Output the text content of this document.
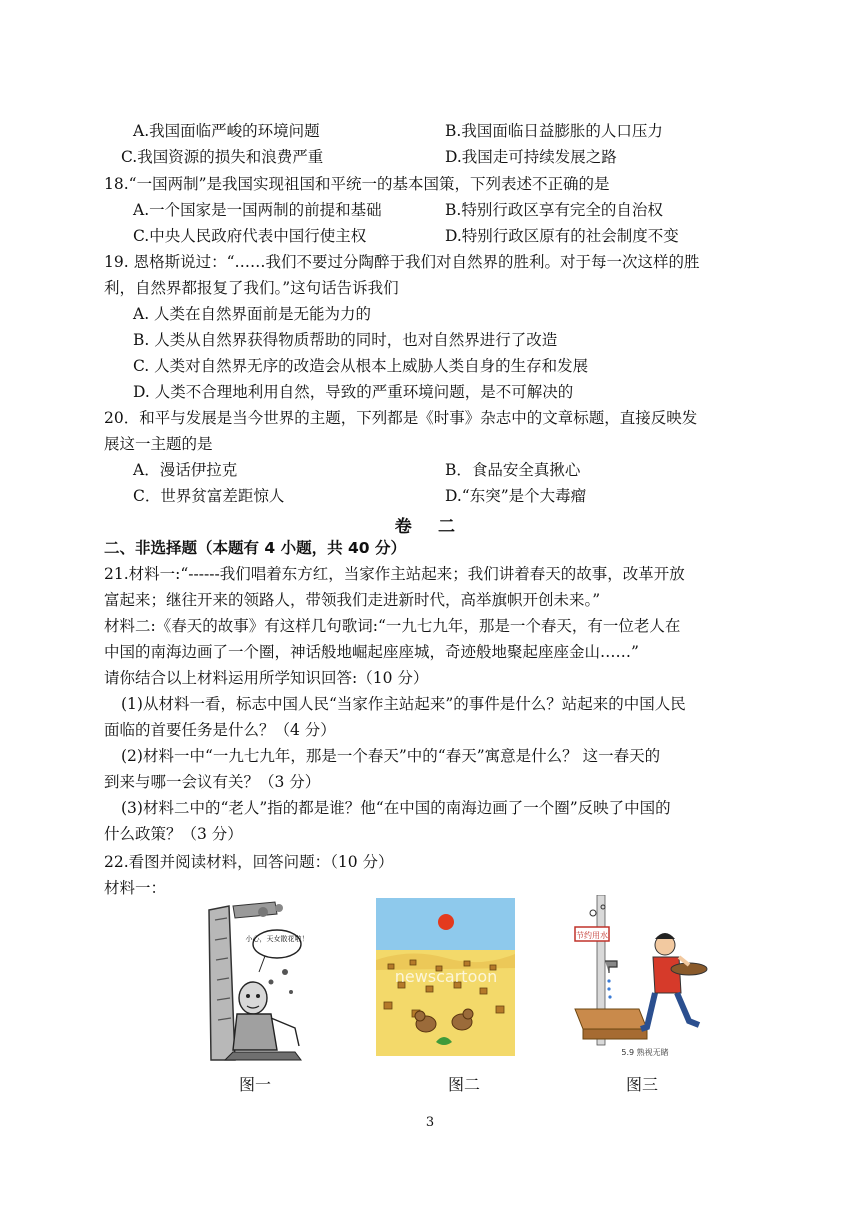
A.我国面临严峻的环境问题	B.我国面临日益膨胀的人口压力
C.我国资源的损失和浪费严重	D.我国走可持续发展之路
18.“一国两制”是我国实现祖国和平统一的基本国策，下列表述不正确的是
A.一个国家是一国两制的前提和基础	B.特别行政区享有完全的自治权
C.中央人民政府代表中国行使主权	D.特别行政区原有的社会制度不变
19. 恩格斯说过：“……我们不要过分陶醉于我们对自然界的胜利。对于每一次这样的胜
利，自然界都报复了我们。”这句话告诉我们
A. 人类在自然界面前是无能为力的
B. 人类从自然界获得物质帮助的同时，也对自然界进行了改造
C. 人类对自然界无序的改造会从根本上威胁人类自身的生存和发展
D. 人类不合理地利用自然，导致的严重环境问题，是不可解决的
20．和平与发展是当今世界的主题，下列都是《时事》杂志中的文章标题，直接反映发
展这一主题的是
A．漫话伊拉克	B．食品安全真揪心
C．世界贫富差距惊人	D.“东突”是个大毒瘤
卷 二
二、非选择题（本题有 4 小题，共 40 分）
21.材料一:“------我们唱着东方红，当家作主站起来；我们讲着春天的故事，改革开放
富起来；继往开来的领路人，带领我们走进新时代，高举旗帜开创未来。”
材料二:《春天的故事》有这样几句歌词:“一九七九年，那是一个春天，有一位老人在
中国的南海边画了一个圈，神话般地崛起座座城，奇迹般地聚起座座金山……”
请你结合以上材料运用所学知识回答:（10 分）
(1)从材料一看，标志中国人民“当家作主站起来”的事件是什么？站起来的中国人民
面临的首要任务是什么？（4 分）
(2)材料一中“一九七九年，那是一个春天”中的“春天”寓意是什么？ 这一春天的
到来与哪一会议有关？（3 分）
(3)材料二中的“老人”指的都是谁？他“在中国的南海边画了一个圈”反映了中国的
什么政策？（3 分）
22.看图并阅读材料，回答问题：（10 分）
材料一：
小心，天女散花啦！
newscartoon
节约用水
5.9 熟视无睹
图一	图二	图三
3
